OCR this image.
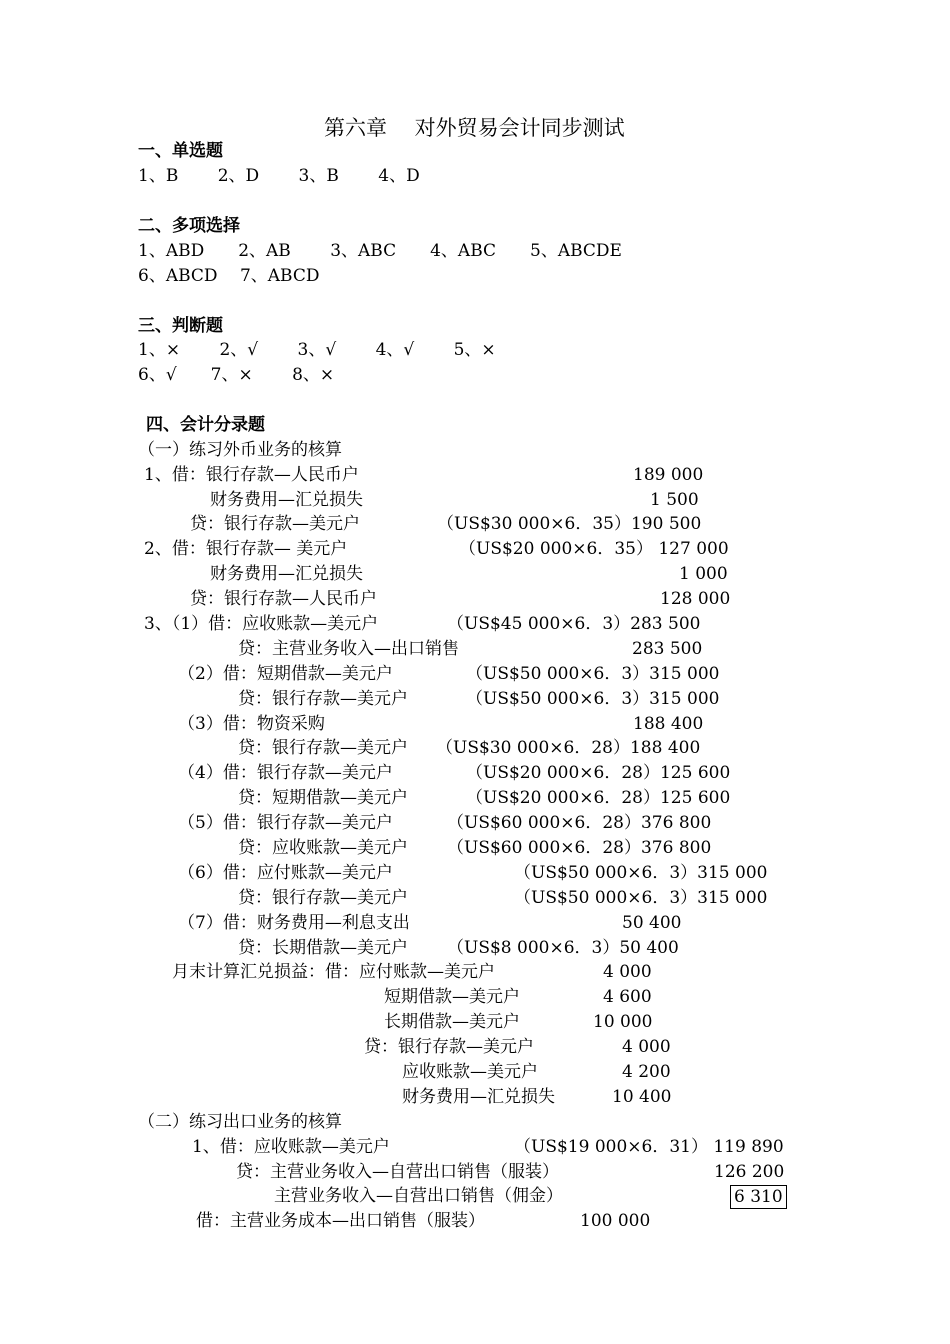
第六章　 对外贸易会计同步测试
一、单选题
1、B　　 2、D　　 3、B　　 4、D
二、多项选择
1、ABD　　2、AB　　 3、ABC　　4、ABC　　5、ABCDE
6、ABCD　 7、ABCD
三、判断题
1、×　　 2、√　　 3、√　　 4、√　　 5、×
6、√　　7、×　　 8、×
四、会计分录题
（一）练习外币业务的核算
1、借：银行存款—人民币户	189 000
财务费用—汇兑损失	1 500
贷：银行存款—美元户	（US$30 000×6．35）190 500
2、借：银行存款— 美元户	（US$20 000×6．35） 127 000
财务费用—汇兑损失	1 000
贷：银行存款—人民币户	128 000
3、（1）借：应收账款—美元户	（US$45 000×6．3）283 500
贷：主营业务收入—出口销售	283 500
（2）借：短期借款—美元户	（US$50 000×6．3）315 000
贷：银行存款—美元户	（US$50 000×6．3）315 000
（3）借：物资采购	188 400
贷：银行存款—美元户 （US$30 000×6．28）188 400
（4）借：银行存款—美元户	（US$20 000×6．28）125 600
贷：短期借款—美元户	（US$20 000×6．28）125 600
（5）借：银行存款—美元户	（US$60 000×6．28）376 800
贷：应收账款—美元户 （US$60 000×6．28）376 800
（6）借：应付账款—美元户	（US$50 000×6．3）315 000
贷：银行存款—美元户	（US$50 000×6．3）315 000
（7）借：财务费用—利息支出	50 400
贷：长期借款—美元户 （US$8 000×6．3）50 400
月末计算汇兑损益：借：应付账款—美元户	4 000
短期借款—美元户	4 600
长期借款—美元户	10 000
贷：银行存款—美元户	4 000
应收账款—美元户	4 200
财务费用—汇兑损失	10 400
（二）练习出口业务的核算
1、借：应收账款—美元户	（US$19 000×6．31） 119 890
贷：主营业务收入—自营出口销售（服装）	126 200
主营业务收入—自营出口销售（佣金）	6 310
借：主营业务成本—出口销售（服装）	100 000
